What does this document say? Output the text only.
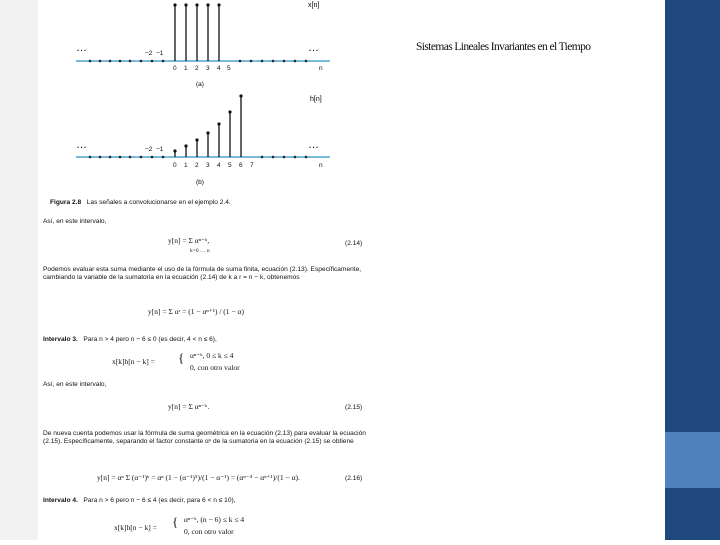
x[n]
…	…
−2 −1
0 1 2 3 4 5	n
(a)
h[n]
…	…
−2 −1
0 1 2 3 4 5 6 7	n
(b)
Figura 2.8 Las señales a convolucionarse en el ejemplo 2.4.
Así, en este intervalo,
y[n] = Σ αⁿ⁻ᵏ,
k=0 … n
(2.14)
Podemos evaluar esta suma mediante el uso de la fórmula de suma finita, ecuación (2.13). Específicamente, cambiando la variable de la sumatoria en la ecuación (2.14) de k a r = n − k, obtenemos
y[n] = Σ αʳ = (1 − αⁿ⁺¹) / (1 − α)
Intervalo 3. Para n > 4 pero n − 6 ≤ 0 (es decir, 4 < n ≤ 6),
x[k]h[n − k] = { αⁿ⁻ᵏ, 0 ≤ k ≤ 4
0, con otro valor
Así, en este intervalo,
y[n] = Σ αⁿ⁻ᵏ.	(2.15)
De nueva cuenta podemos usar la fórmula de suma geométrica en la ecuación (2.13) para evaluar la ecuación (2.15). Específicamente, separando el factor constante αⁿ de la sumatoria en la ecuación (2.15) se obtiene
y[n] = αⁿ Σ (α⁻¹)ᵏ = αⁿ (1 − (α⁻¹)⁵)/(1 − α⁻¹) = (αⁿ⁻⁴ − αⁿ⁺¹)/(1 − α).	(2.16)
Intervalo 4. Para n > 6 pero n − 6 ≤ 4 (es decir, para 6 < n ≤ 10),
x[k]h[n − k] = { αⁿ⁻ᵏ, (n − 6) ≤ k ≤ 4
0, con otro valor
Sistemas Lineales Invariantes en el Tiempo
